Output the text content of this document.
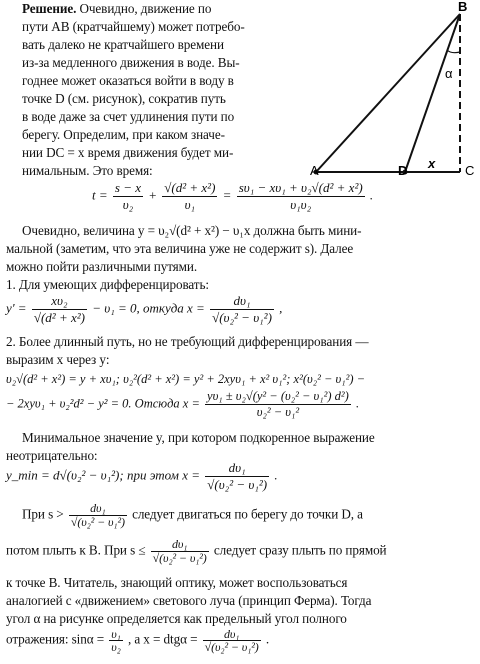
Решение. Очевидно, движение по
пути AB (кратчайшему) может потребо-
вать далеко не кратчайшего времени
из-за медленного движения в воде. Вы-
годнее может оказаться войти в воду в
точке D (см. рисунок), сократив путь
в воде даже за счет удлинения пути по
берегу. Определим, при каком значе-
нии DC = x время движения будет ми-
нимальным. Это время:
B
A	D	C
x
α
$t = \frac{s - x}{\text{υ₂}} + \frac{\text{√(d² + x²)}}{\text{υ₁}} = \frac{\text{sυ₁ − xυ₁ + υ₂√(d² + x²)}}{\text{υ₁υ₂}}$ .
Очевидно, величина y = υ₂√(d² + x²) − υ₁x должна быть мини-
мальной (заметим, что эта величина уже не содержит s). Далее
можно пойти различными путями.
1. Для умеющих дифференцировать:
$y' = \frac{\text{xυ₂}}{\text{√(d² + x²)}} - \upsilon_1 = 0$, откуда $x = \frac{\text{dυ₁}}{\text{√(υ₂² − υ₁²)}}$ ,
2. Более длинный путь, но не требующий дифференцирования —
выразим x через y:
υ₂√(d² + x²) = y + xυ₁; υ₂²(d² + x²) = y² + 2xyυ₁ + x² υ₁²; x²(υ₂² − υ₁²) −
− 2xyυ₁ + υ₂²d² − y² = 0. Отсюда $x = \frac{\text{yυ₁ ± υ₂√(y² − (υ₂² − υ₁²) d²)}}{\text{υ₂² − υ₁²}}$ .
Минимальное значение y, при котором подкоренное выражение
неотрицательно:
y_min = d√(υ₂² − υ₁²); при этом $x = \frac{\text{dυ₁}}{\text{√(υ₂² − υ₁²)}}$ .
При $s > \frac{\text{dυ₁}}{\text{√(υ₂² − υ₁²)}}$ следует двигаться по берегу до точки D, а
потом плыть к B. При $s \le \frac{\text{dυ₁}}{\text{√(υ₂² − υ₁²)}}$ следует сразу плыть по прямой
к точке B. Читатель, знающий оптику, может воспользоваться
аналогией с «движением» светового луча (принцип Ферма). Тогда
угол α на рисунке определяется как предельный угол полного
отражения: $\sin\alpha = \frac{\text{υ₁}}{\text{υ₂}}$ , а $x = dtg\alpha = \frac{\text{dυ₁}}{\text{√(υ₂² − υ₁²)}}$ .
